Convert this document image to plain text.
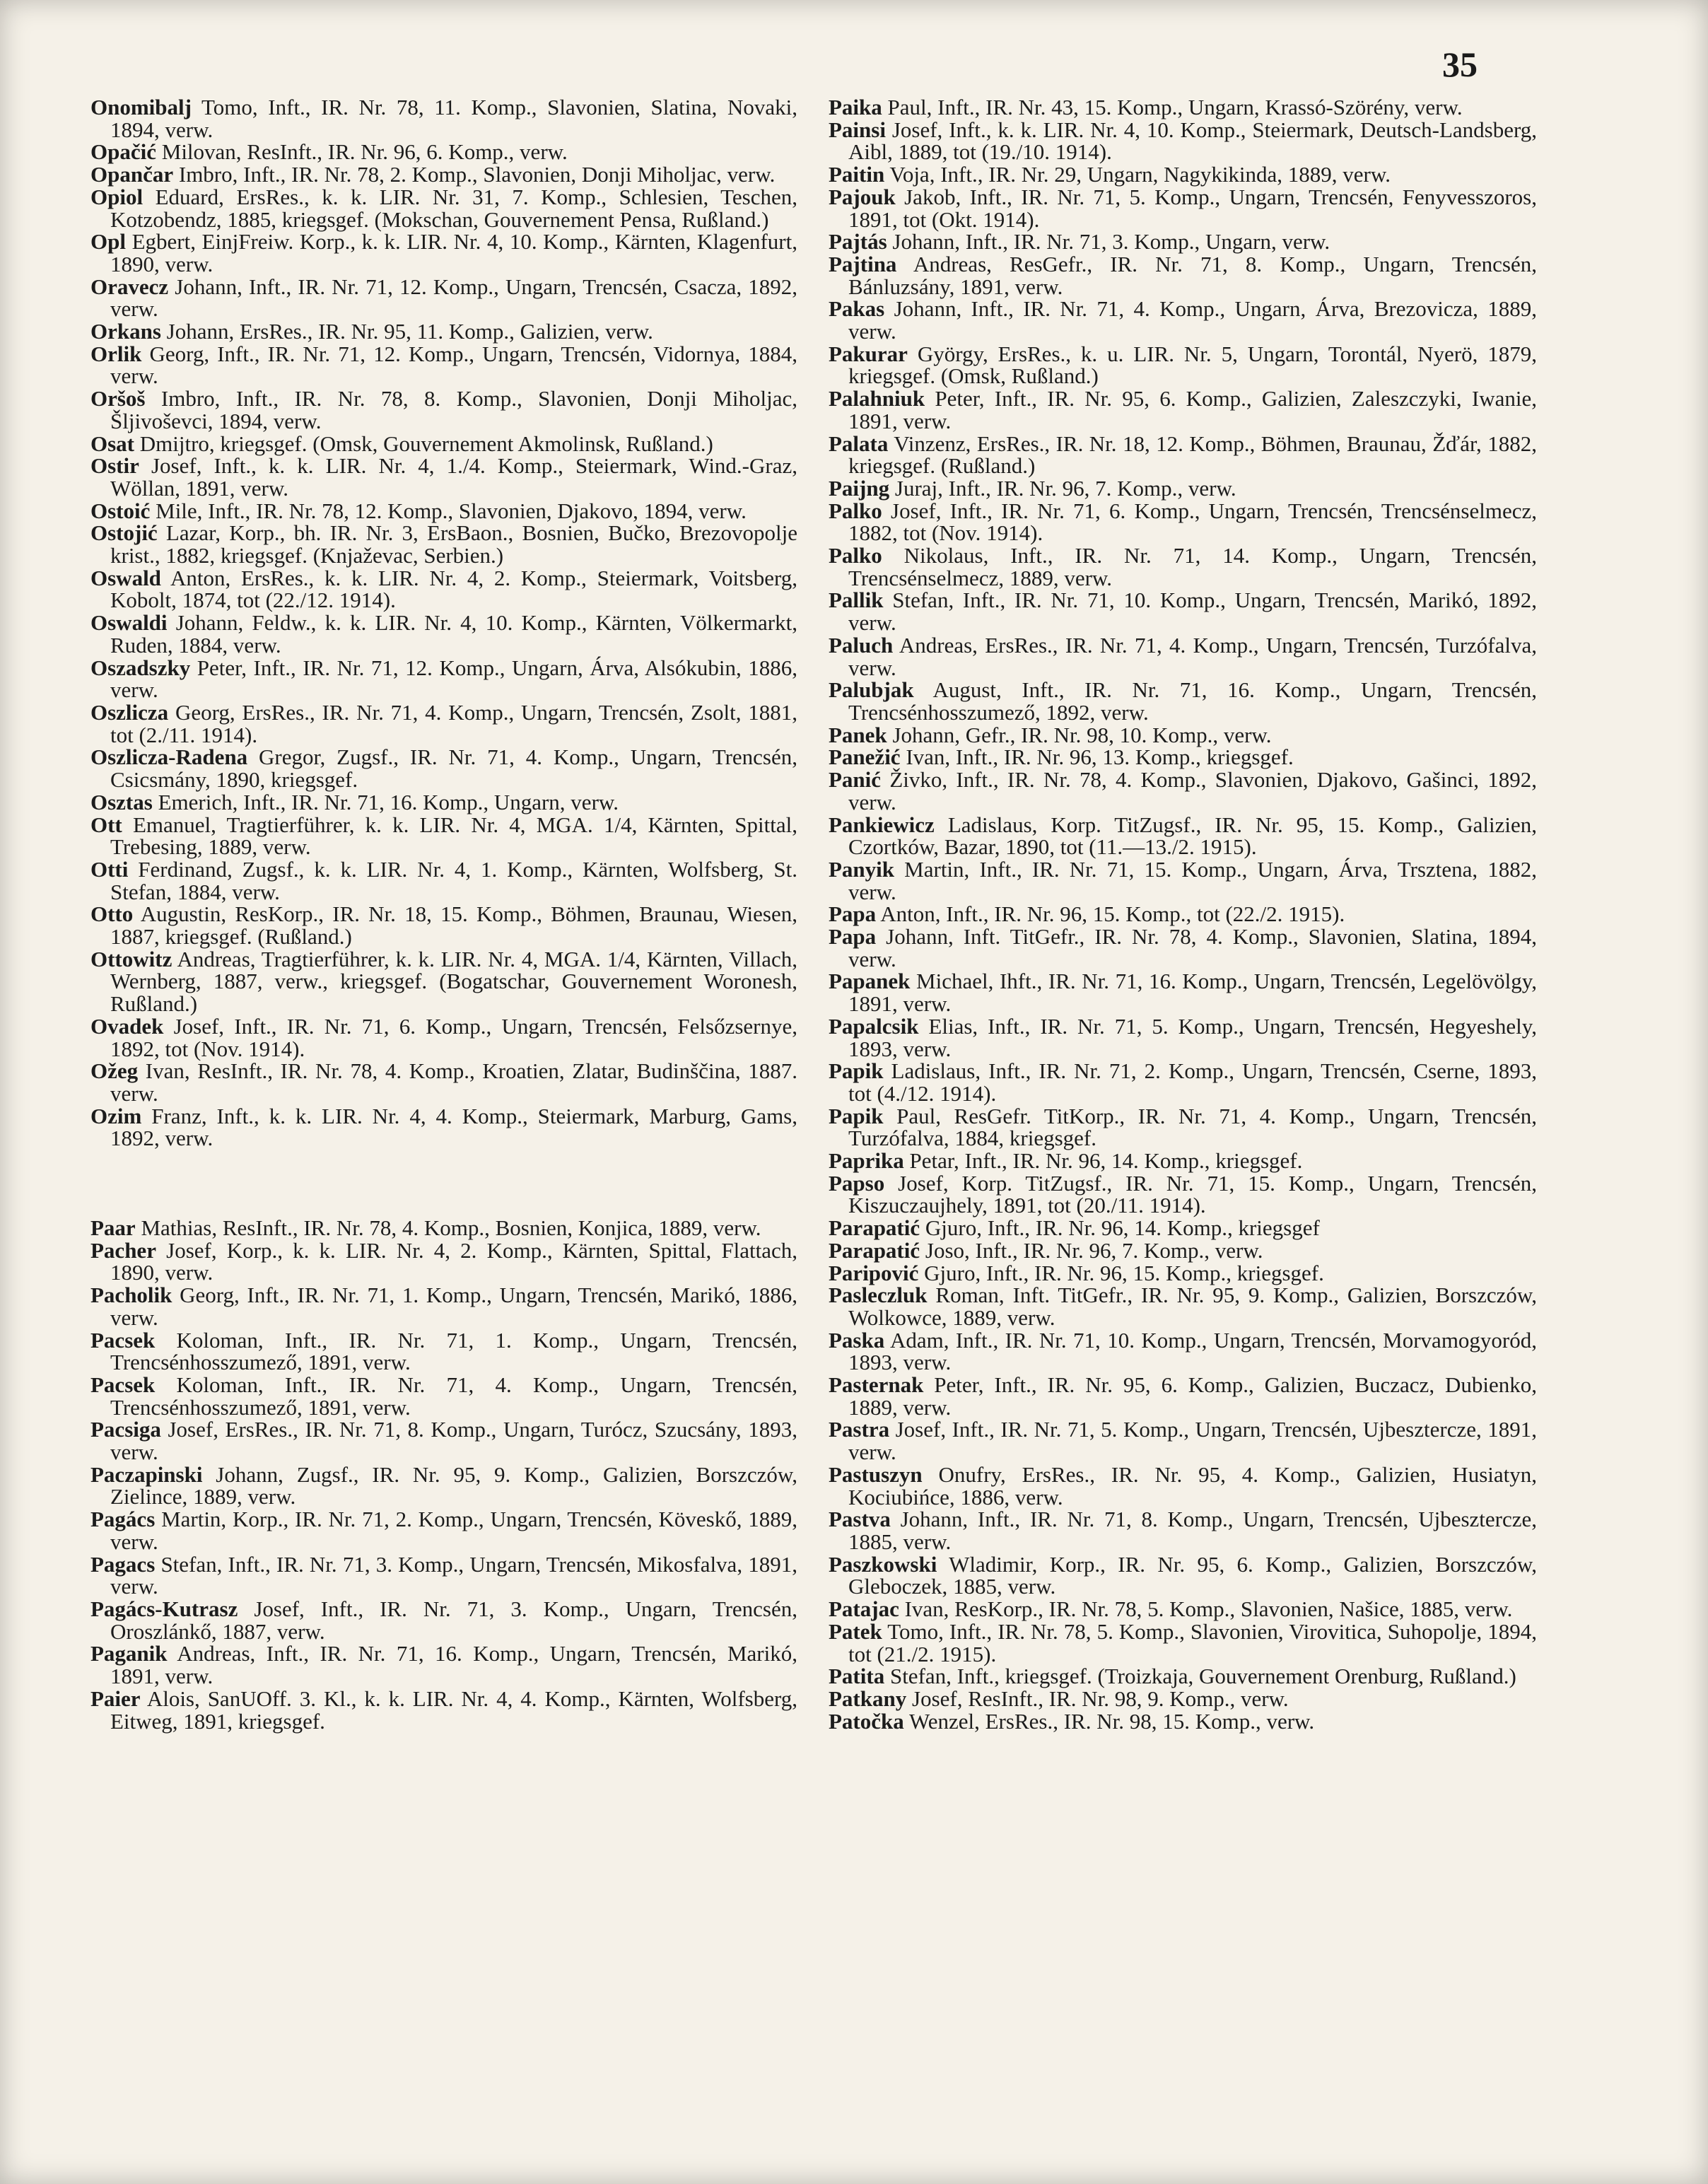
35
Onomibalj Tomo, Inft., IR. Nr. 78, 11. Komp., Slavonien, Slatina, Novaki, 1894, verw.
Opačić Milovan, ResInft., IR. Nr. 96, 6. Komp., verw.
Opančar Imbro, Inft., IR. Nr. 78, 2. Komp., Slavonien, Donji Miholjac, verw.
Opiol Eduard, ErsRes., k. k. LIR. Nr. 31, 7. Komp., Schlesien, Teschen, Kotzobendz, 1885, kriegsgef. (Mokschan, Gouvernement Pensa, Rußland.)
Opl Egbert, EinjFreiw. Korp., k. k. LIR. Nr. 4, 10. Komp., Kärnten, Klagenfurt, 1890, verw.
Oravecz Johann, Inft., IR. Nr. 71, 12. Komp., Ungarn, Trencsén, Csacza, 1892, verw.
Orkans Johann, ErsRes., IR. Nr. 95, 11. Komp., Galizien, verw.
Orlik Georg, Inft., IR. Nr. 71, 12. Komp., Ungarn, Trencsén, Vidornya, 1884, verw.
Oršoš Imbro, Inft., IR. Nr. 78, 8. Komp., Slavonien, Donji Miholjac, Šljivoševci, 1894, verw.
Osat Dmijtro, kriegsgef. (Omsk, Gouvernement Akmolinsk, Rußland.)
Ostir Josef, Inft., k. k. LIR. Nr. 4, 1./4. Komp., Steiermark, Wind.-Graz, Wöllan, 1891, verw.
Ostoić Mile, Inft., IR. Nr. 78, 12. Komp., Slavonien, Djakovo, 1894, verw.
Ostojić Lazar, Korp., bh. IR. Nr. 3, ErsBaon., Bosnien, Bučko, Brezovopolje krist., 1882, kriegsgef. (Knjaževac, Serbien.)
Oswald Anton, ErsRes., k. k. LIR. Nr. 4, 2. Komp., Steiermark, Voitsberg, Kobolt, 1874, tot (22./12. 1914).
Oswaldi Johann, Feldw., k. k. LIR. Nr. 4, 10. Komp., Kärnten, Völkermarkt, Ruden, 1884, verw.
Oszadszky Peter, Inft., IR. Nr. 71, 12. Komp., Ungarn, Árva, Alsókubin, 1886, verw.
Oszlicza Georg, ErsRes., IR. Nr. 71, 4. Komp., Ungarn, Trencsén, Zsolt, 1881, tot (2./11. 1914).
Oszlicza-Radena Gregor, Zugsf., IR. Nr. 71, 4. Komp., Ungarn, Trencsén, Csicsmány, 1890, kriegsgef.
Osztas Emerich, Inft., IR. Nr. 71, 16. Komp., Ungarn, verw.
Ott Emanuel, Tragtierführer, k. k. LIR. Nr. 4, MGA. 1/4, Kärnten, Spittal, Trebesing, 1889, verw.
Otti Ferdinand, Zugsf., k. k. LIR. Nr. 4, 1. Komp., Kärnten, Wolfsberg, St. Stefan, 1884, verw.
Otto Augustin, ResKorp., IR. Nr. 18, 15. Komp., Böhmen, Braunau, Wiesen, 1887, kriegsgef. (Rußland.)
Ottowitz Andreas, Tragtierführer, k. k. LIR. Nr. 4, MGA. 1/4, Kärnten, Villach, Wernberg, 1887, verw., kriegsgef. (Bogatschar, Gouvernement Woronesh, Rußland.)
Ovadek Josef, Inft., IR. Nr. 71, 6. Komp., Ungarn, Trencsén, Felsőzsernye, 1892, tot (Nov. 1914).
Ožeg Ivan, ResInft., IR. Nr. 78, 4. Komp., Kroatien, Zlatar, Budinščina, 1887. verw.
Ozim Franz, Inft., k. k. LIR. Nr. 4, 4. Komp., Steiermark, Marburg, Gams, 1892, verw.
Paar Mathias, ResInft., IR. Nr. 78, 4. Komp., Bosnien, Konjica, 1889, verw.
Pacher Josef, Korp., k. k. LIR. Nr. 4, 2. Komp., Kärnten, Spittal, Flattach, 1890, verw.
Pacholik Georg, Inft., IR. Nr. 71, 1. Komp., Ungarn, Trencsén, Marikó, 1886, verw.
Pacsek Koloman, Inft., IR. Nr. 71, 1. Komp., Ungarn, Trencsén, Trencsénhosszumező, 1891, verw.
Pacsek Koloman, Inft., IR. Nr. 71, 4. Komp., Ungarn, Trencsén, Trencsénhosszumező, 1891, verw.
Pacsiga Josef, ErsRes., IR. Nr. 71, 8. Komp., Ungarn, Turócz, Szucsány, 1893, verw.
Paczapinski Johann, Zugsf., IR. Nr. 95, 9. Komp., Galizien, Borszczów, Zielince, 1889, verw.
Pagács Martin, Korp., IR. Nr. 71, 2. Komp., Ungarn, Trencsén, Köveskő, 1889, verw.
Pagacs Stefan, Inft., IR. Nr. 71, 3. Komp., Ungarn, Trencsén, Mikosfalva, 1891, verw.
Pagács-Kutrasz Josef, Inft., IR. Nr. 71, 3. Komp., Ungarn, Trencsén, Oroszlánkő, 1887, verw.
Paganik Andreas, Inft., IR. Nr. 71, 16. Komp., Ungarn, Trencsén, Marikó, 1891, verw.
Paier Alois, SanUOff. 3. Kl., k. k. LIR. Nr. 4, 4. Komp., Kärnten, Wolfsberg, Eitweg, 1891, kriegsgef.
Paika Paul, Inft., IR. Nr. 43, 15. Komp., Ungarn, Krassó-Szörény, verw.
Painsi Josef, Inft., k. k. LIR. Nr. 4, 10. Komp., Steiermark, Deutsch-Landsberg, Aibl, 1889, tot (19./10. 1914).
Paitin Voja, Inft., IR. Nr. 29, Ungarn, Nagykikinda, 1889, verw.
Pajouk Jakob, Inft., IR. Nr. 71, 5. Komp., Ungarn, Trencsén, Fenyvesszoros, 1891, tot (Okt. 1914).
Pajtás Johann, Inft., IR. Nr. 71, 3. Komp., Ungarn, verw.
Pajtina Andreas, ResGefr., IR. Nr. 71, 8. Komp., Ungarn, Trencsén, Bánluzsány, 1891, verw.
Pakas Johann, Inft., IR. Nr. 71, 4. Komp., Ungarn, Árva, Brezovicza, 1889, verw.
Pakurar György, ErsRes., k. u. LIR. Nr. 5, Ungarn, Torontál, Nyerö, 1879, kriegsgef. (Omsk, Rußland.)
Palahniuk Peter, Inft., IR. Nr. 95, 6. Komp., Galizien, Zaleszczyki, Iwanie, 1891, verw.
Palata Vinzenz, ErsRes., IR. Nr. 18, 12. Komp., Böhmen, Braunau, Žďár, 1882, kriegsgef. (Rußland.)
Paijng Juraj, Inft., IR. Nr. 96, 7. Komp., verw.
Palko Josef, Inft., IR. Nr. 71, 6. Komp., Ungarn, Trencsén, Trencsénselmecz, 1882, tot (Nov. 1914).
Palko Nikolaus, Inft., IR. Nr. 71, 14. Komp., Ungarn, Trencsén, Trencsénselmecz, 1889, verw.
Pallik Stefan, Inft., IR. Nr. 71, 10. Komp., Ungarn, Trencsén, Marikó, 1892, verw.
Paluch Andreas, ErsRes., IR. Nr. 71, 4. Komp., Ungarn, Trencsén, Turzófalva, verw.
Palubjak August, Inft., IR. Nr. 71, 16. Komp., Ungarn, Trencsén, Trencsénhosszumező, 1892, verw.
Panek Johann, Gefr., IR. Nr. 98, 10. Komp., verw.
Panežić Ivan, Inft., IR. Nr. 96, 13. Komp., kriegsgef.
Panić Živko, Inft., IR. Nr. 78, 4. Komp., Slavonien, Djakovo, Gašinci, 1892, verw.
Pankiewicz Ladislaus, Korp. TitZugsf., IR. Nr. 95, 15. Komp., Galizien, Czortków, Bazar, 1890, tot (11.—13./2. 1915).
Panyik Martin, Inft., IR. Nr. 71, 15. Komp., Ungarn, Árva, Trsztena, 1882, verw.
Papa Anton, Inft., IR. Nr. 96, 15. Komp., tot (22./2. 1915).
Papa Johann, Inft. TitGefr., IR. Nr. 78, 4. Komp., Slavonien, Slatina, 1894, verw.
Papanek Michael, Ihft., IR. Nr. 71, 16. Komp., Ungarn, Trencsén, Legelövölgy, 1891, verw.
Papalcsik Elias, Inft., IR. Nr. 71, 5. Komp., Ungarn, Trencsén, Hegyeshely, 1893, verw.
Papik Ladislaus, Inft., IR. Nr. 71, 2. Komp., Ungarn, Trencsén, Cserne, 1893, tot (4./12. 1914).
Papik Paul, ResGefr. TitKorp., IR. Nr. 71, 4. Komp., Ungarn, Trencsén, Turzófalva, 1884, kriegsgef.
Paprika Petar, Inft., IR. Nr. 96, 14. Komp., kriegsgef.
Papso Josef, Korp. TitZugsf., IR. Nr. 71, 15. Komp., Ungarn, Trencsén, Kiszuczaujhely, 1891, tot (20./11. 1914).
Parapatić Gjuro, Inft., IR. Nr. 96, 14. Komp., kriegsgef
Parapatić Joso, Inft., IR. Nr. 96, 7. Komp., verw.
Paripović Gjuro, Inft., IR. Nr. 96, 15. Komp., kriegsgef.
Pasleczluk Roman, Inft. TitGefr., IR. Nr. 95, 9. Komp., Galizien, Borszczów, Wolkowce, 1889, verw.
Paska Adam, Inft., IR. Nr. 71, 10. Komp., Ungarn, Trencsén, Morvamogyoród, 1893, verw.
Pasternak Peter, Inft., IR. Nr. 95, 6. Komp., Galizien, Buczacz, Dubienko, 1889, verw.
Pastra Josef, Inft., IR. Nr. 71, 5. Komp., Ungarn, Trencsén, Ujbesztercze, 1891, verw.
Pastuszyn Onufry, ErsRes., IR. Nr. 95, 4. Komp., Galizien, Husiatyn, Kociubińce, 1886, verw.
Pastva Johann, Inft., IR. Nr. 71, 8. Komp., Ungarn, Trencsén, Ujbesztercze, 1885, verw.
Paszkowski Wladimir, Korp., IR. Nr. 95, 6. Komp., Galizien, Borszczów, Gleboczek, 1885, verw.
Patajac Ivan, ResKorp., IR. Nr. 78, 5. Komp., Slavonien, Našice, 1885, verw.
Patek Tomo, Inft., IR. Nr. 78, 5. Komp., Slavonien, Virovitica, Suhopolje, 1894, tot (21./2. 1915).
Patita Stefan, Inft., kriegsgef. (Troizkaja, Gouvernement Orenburg, Rußland.)
Patkany Josef, ResInft., IR. Nr. 98, 9. Komp., verw.
Patočka Wenzel, ErsRes., IR. Nr. 98, 15. Komp., verw.
